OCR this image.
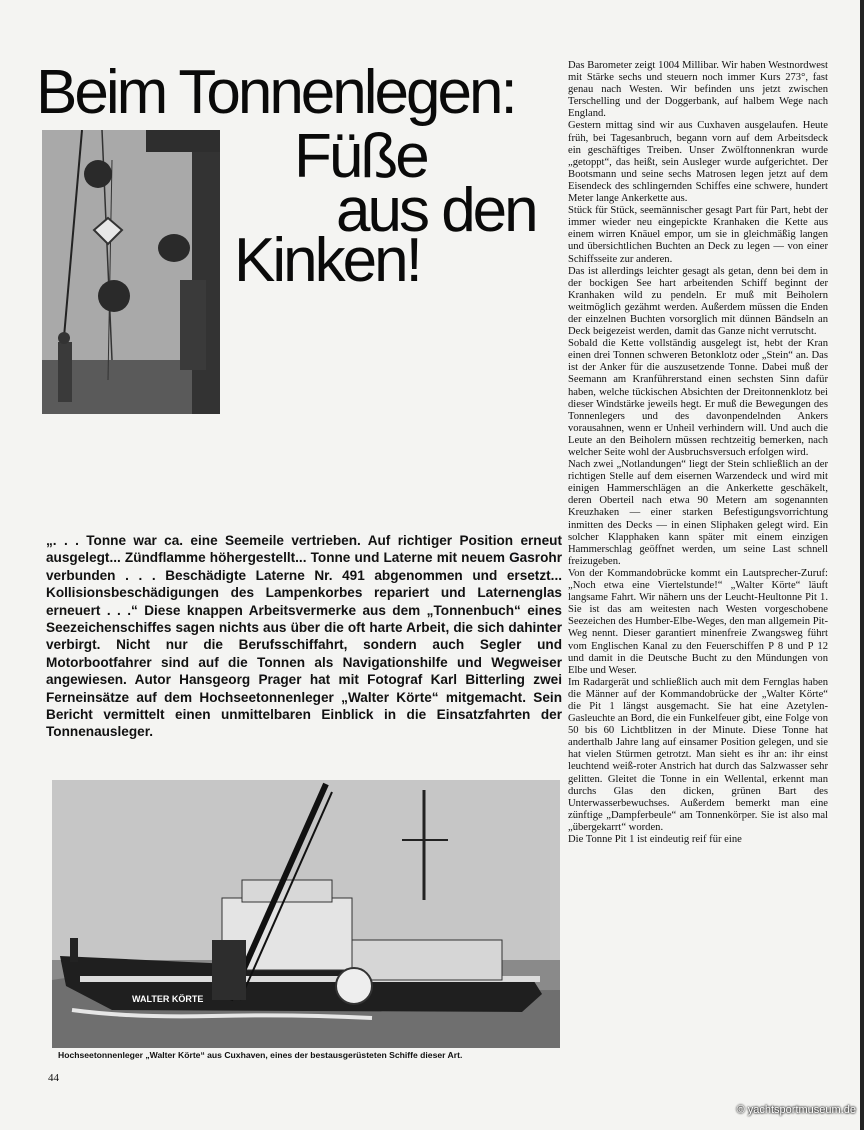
Beim Tonnenlegen:
Füße
aus den
Kinken!

„. . . Tonne war ca. eine Seemeile vertrieben. Auf richtiger Position erneut ausgelegt... Zündflamme höhergestellt... Tonne und Laterne mit neuem Gasrohr verbunden . . . Beschädigte Laterne Nr. 491 abgenommen und ersetzt... Kollisionsbeschädigungen des Lampenkorbes repariert und Laternenglas erneuert . . .“ Diese knappen Arbeitsvermerke aus dem „Tonnenbuch“ eines Seezeichenschiffes sagen nichts aus über die oft harte Arbeit, die sich dahinter verbirgt. Nicht nur die Berufsschiffahrt, sondern auch Segler und Motorbootfahrer sind auf die Tonnen als Navigationshilfe und Wegweiser angewiesen. Autor Hansgeorg Prager hat mit Fotograf Karl Bitterling zwei Ferneinsätze auf dem Hochseetonnenleger „Walter Körte“ mitgemacht. Sein Bericht vermittelt einen unmittelbaren Einblick in die Einsatzfahrten der Tonnenausleger.

WALTER KÖRTE
Hochseetonnenleger „Walter Körte“ aus Cuxhaven, eines der bestausgerüsteten Schiffe dieser Art.
44

Das Barometer zeigt 1004 Millibar. Wir haben Westnordwest mit Stärke sechs und steuern noch immer Kurs 273°, fast genau nach Westen. Wir befinden uns jetzt zwischen Terschelling und der Doggerbank, auf halbem Wege nach England.

Gestern mittag sind wir aus Cuxhaven ausgelaufen. Heute früh, bei Tagesanbruch, begann vorn auf dem Arbeitsdeck ein geschäftiges Treiben. Unser Zwölftonnenkran wurde „getoppt“, das heißt, sein Ausleger wurde aufgerichtet. Der Bootsmann und seine sechs Matrosen legen jetzt auf dem Eisendeck des schlingernden Schiffes eine schwere, hundert Meter lange Ankerkette aus.

Stück für Stück, seemännischer gesagt Part für Part, hebt der immer wieder neu eingepickte Kranhaken die Kette aus einem wirren Knäuel empor, um sie in gleichmäßig langen und übersichtlichen Buchten an Deck zu legen — von einer Schiffsseite zur anderen.

Das ist allerdings leichter gesagt als getan, denn bei dem in der bockigen See hart arbeitenden Schiff beginnt der Kranhaken wild zu pendeln. Er muß mit Beiholern weitmöglich gezähmt werden. Außerdem müssen die Enden der einzelnen Buchten vorsorglich mit dünnen Bändseln an Deck beigezeist werden, damit das Ganze nicht verrutscht.

Sobald die Kette vollständig ausgelegt ist, hebt der Kran einen drei Tonnen schweren Betonklotz oder „Stein“ an. Das ist der Anker für die auszusetzende Tonne. Dabei muß der Seemann am Kranführerstand einen sechsten Sinn dafür haben, welche tückischen Absichten der Dreitonnenklotz bei dieser Windstärke jeweils hegt. Er muß die Bewegungen des Tonnenlegers und des davonpendelnden Ankers vorausahnen, wenn er Unheil verhindern will. Und auch die Leute an den Beiholern müssen rechtzeitig bemerken, nach welcher Seite wohl der Ausbruchsversuch erfolgen wird.

Nach zwei „Notlandungen“ liegt der Stein schließlich an der richtigen Stelle auf dem eisernen Warzendeck und wird mit einigen Hammerschlägen an die Ankerkette geschäkelt, deren Oberteil nach etwa 90 Metern am sogenannten Kreuzhaken — einer starken Befestigungsvorrichtung inmitten des Decks — in einen Sliphaken gelegt wird. Ein solcher Klapphaken kann später mit einem einzigen Hammerschlag geöffnet werden, um seine Last schnell freizugeben.

Von der Kommandobrücke kommt ein Lautsprecher-Zuruf: „Noch etwa eine Viertelstunde!“ „Walter Körte“ läuft langsame Fahrt. Wir nähern uns der Leucht-Heultonne Pit 1. Sie ist das am weitesten nach Westen vorgeschobene Seezeichen des Humber-Elbe-Weges, den man allgemein Pit-Weg nennt. Dieser garantiert minenfreie Zwangsweg führt vom Englischen Kanal zu den Feuerschiffen P 8 und P 12 und damit in die Deutsche Bucht zu den Mündungen von Elbe und Weser.

Im Radargerät und schließlich auch mit dem Fernglas haben die Männer auf der Kommandobrücke der „Walter Körte“ die Pit 1 längst ausgemacht. Sie hat eine Azetylen-Gasleuchte an Bord, die ein Funkelfeuer gibt, eine Folge von 50 bis 60 Lichtblitzen in der Minute. Diese Tonne hat anderthalb Jahre lang auf einsamer Position gelegen, und sie hat vielen Stürmen getrotzt. Man sieht es ihr an: ihr einst leuchtend weiß-roter Anstrich hat durch das Salzwasser sehr gelitten. Gleitet die Tonne in ein Wellental, erkennt man durchs Glas den dicken, grünen Bart des Unterwasserbewuchses. Außerdem bemerkt man eine zünftige „Dampferbeule“ am Tonnenkörper. Sie ist also mal „übergekarrt“ worden.

Die Tonne Pit 1 ist eindeutig reif für eine

© yachtsportmuseum.de
